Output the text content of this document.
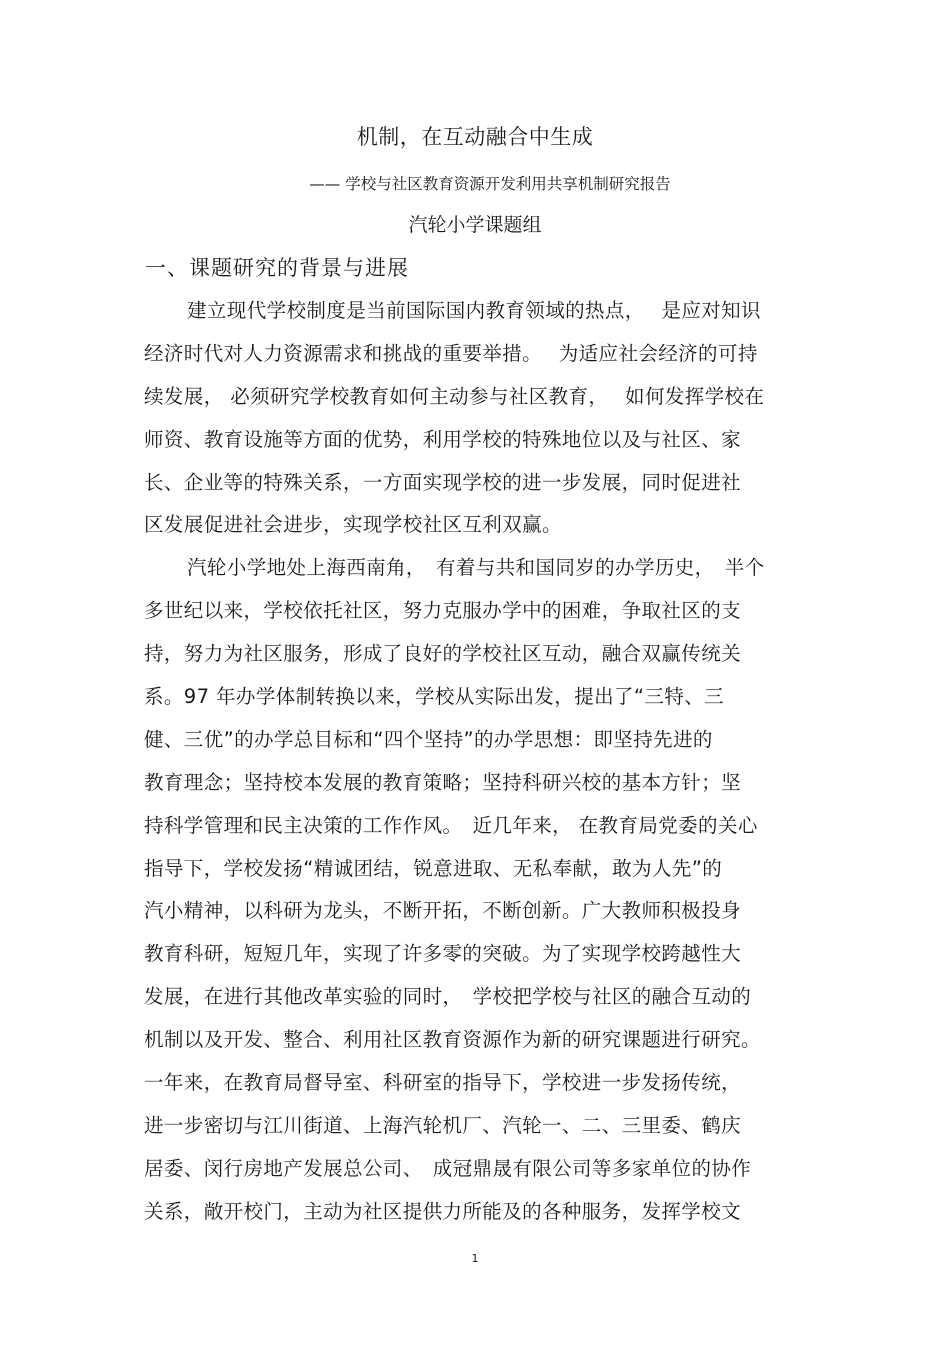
机制，在互动融合中生成
—— 学校与社区教育资源开发利用共享机制研究报告
汽轮小学课题组
一、课题研究的背景与进展
建立现代学校制度是当前国际国内教育领域的热点，　 是应对知识
经济时代对人力资源需求和挑战的重要举措。　 为适应社会经济的可持
续发展， 必须研究学校教育如何主动参与社区教育，　 如何发挥学校在
师资、教育设施等方面的优势，利用学校的特殊地位以及与社区、家
长、企业等的特殊关系，一方面实现学校的进一步发展，同时促进社
区发展促进社会进步，实现学校社区互利双赢。
汽轮小学地处上海西南角，　有着与共和国同岁的办学历史，　半个
多世纪以来，学校依托社区，努力克服办学中的困难，争取社区的支
持，努力为社区服务，形成了良好的学校社区互动，融合双赢传统关
系。97 年办学体制转换以来，学校从实际出发，提出了“三特、三
健、三优”的办学总目标和“四个坚持”的办学思想：即坚持先进的
教育理念；坚持校本发展的教育策略；坚持科研兴校的基本方针；坚
持科学管理和民主决策的工作作风。　近几年来， 在教育局党委的关心
指导下，学校发扬“精诚团结，锐意进取、无私奉献，敢为人先”的
汽小精神，以科研为龙头，不断开拓，不断创新。广大教师积极投身
教育科研，短短几年，实现了许多零的突破。为了实现学校跨越性大
发展，在进行其他改革实验的同时，　学校把学校与社区的融合互动的
机制以及开发、整合、利用社区教育资源作为新的研究课题进行研究。
一年来，在教育局督导室、科研室的指导下，学校进一步发扬传统，
进一步密切与江川街道、上海汽轮机厂、汽轮一、二、三里委、鹤庆
居委、闵行房地产发展总公司、　成冠鼎晟有限公司等多家单位的协作
关系，敞开校门，主动为社区提供力所能及的各种服务，发挥学校文
1
